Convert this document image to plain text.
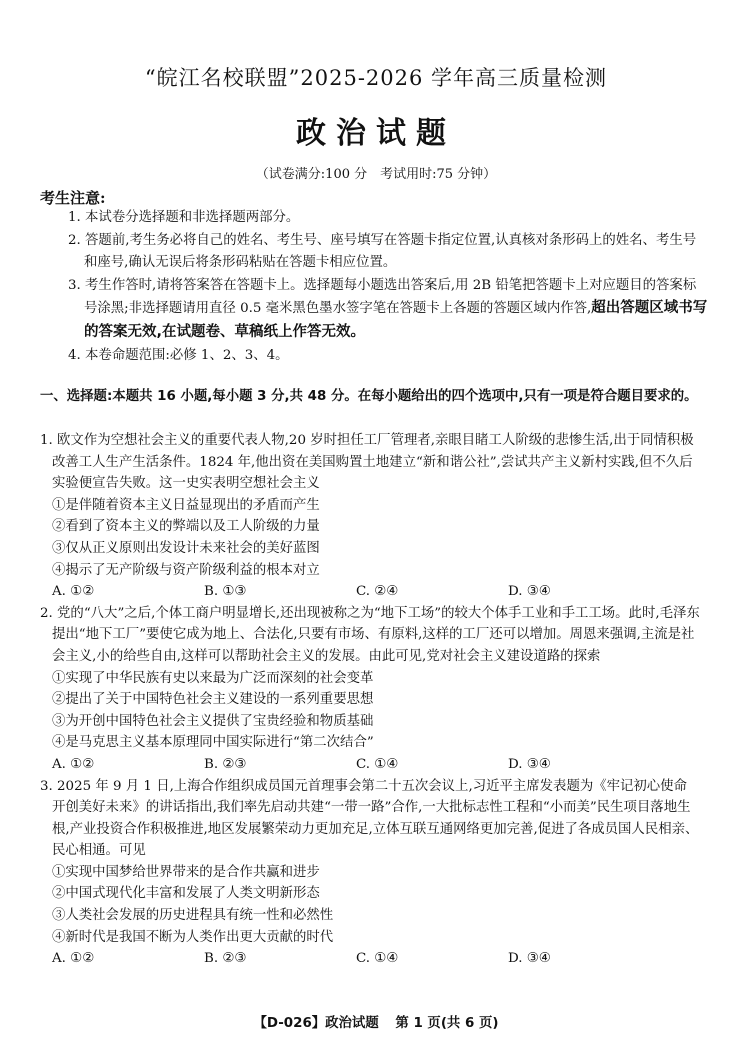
“皖江名校联盟”2025-2026 学年高三质量检测
政治试题
（试卷满分:100 分　考试用时:75 分钟）
考生注意:
1. 本试卷分选择题和非选择题两部分。
2. 答题前,考生务必将自己的姓名、考生号、座号填写在答题卡指定位置,认真核对条形码上的姓名、考生号和座号,确认无误后将条形码粘贴在答题卡相应位置。
3. 考生作答时,请将答案答在答题卡上。选择题每小题选出答案后,用 2B 铅笔把答题卡上对应题目的答案标号涂黑;非选择题请用直径 0.5 毫米黑色墨水签字笔在答题卡上各题的答题区域内作答,超出答题区域书写的答案无效,在试题卷、草稿纸上作答无效。
4. 本卷命题范围:必修 1、2、3、4。
一、选择题:本题共 16 小题,每小题 3 分,共 48 分。在每小题给出的四个选项中,只有一项是符合题目要求的。
1. 欧文作为空想社会主义的重要代表人物,20 岁时担任工厂管理者,亲眼目睹工人阶级的悲惨生活,出于同情积极改善工人生产生活条件。1824 年,他出资在美国购置土地建立“新和谐公社”,尝试共产主义新村实践,但不久后实验便宣告失败。这一史实表明空想社会主义
①是伴随着资本主义日益显现出的矛盾而产生
②看到了资本主义的弊端以及工人阶级的力量
③仅从正义原则出发设计未来社会的美好蓝图
④揭示了无产阶级与资产阶级利益的根本对立
A. ①②	B. ①③	C. ②④	D. ③④
2. 党的“八大”之后,个体工商户明显增长,还出现被称之为“地下工场”的较大个体手工业和手工工场。此时,毛泽东提出“地下工厂”要使它成为地上、合法化,只要有市场、有原料,这样的工厂还可以增加。周恩来强调,主流是社会主义,小的给些自由,这样可以帮助社会主义的发展。由此可见,党对社会主义建设道路的探索
①实现了中华民族有史以来最为广泛而深刻的社会变革
②提出了关于中国特色社会主义建设的一系列重要思想
③为开创中国特色社会主义提供了宝贵经验和物质基础
④是马克思主义基本原理同中国实际进行“第二次结合”
A. ①②	B. ②③	C. ①④	D. ③④
3. 2025 年 9 月 1 日,上海合作组织成员国元首理事会第二十五次会议上,习近平主席发表题为《牢记初心使命开创美好未来》的讲话指出,我们率先启动共建“一带一路”合作,一大批标志性工程和“小而美”民生项目落地生根,产业投资合作积极推进,地区发展繁荣动力更加充足,立体互联互通网络更加完善,促进了各成员国人民相亲、民心相通。可见
①实现中国梦给世界带来的是合作共赢和进步
②中国式现代化丰富和发展了人类文明新形态
③人类社会发展的历史进程具有统一性和必然性
④新时代是我国不断为人类作出更大贡献的时代
A. ①②	B. ②③	C. ①④	D. ③④
【D-026】政治试题 第 1 页(共 6 页)
